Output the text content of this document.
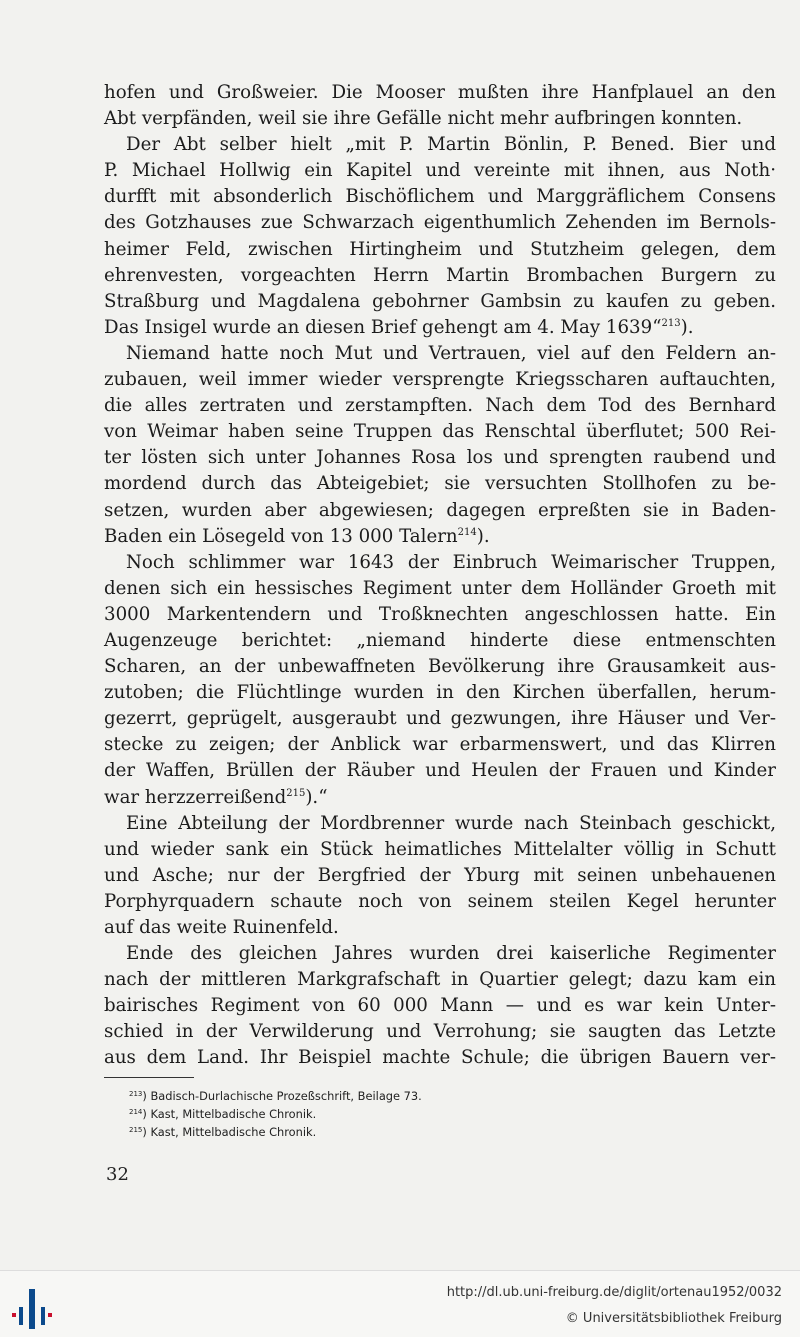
hofen und Großweier. Die Mooser mußten ihre Hanfplauel an den
Abt verpfänden, weil sie ihre Gefälle nicht mehr aufbringen konnten.
Der Abt selber hielt „mit P. Martin Bönlin, P. Bened. Bier und
P. Michael Hollwig ein Kapitel und vereinte mit ihnen, aus Noth·
durfft mit absonderlich Bischöflichem und Marggräflichem Consens
des Gotzhauses zue Schwarzach eigenthumlich Zehenden im Bernols-
heimer Feld, zwischen Hirtingheim und Stutzheim gelegen, dem
ehrenvesten, vorgeachten Herrn Martin Brombachen Burgern zu
Straßburg und Magdalena gebohrner Gambsin zu kaufen zu geben.
Das Insigel wurde an diesen Brief gehengt am 4. May 1639“$^{213}$).
Niemand hatte noch Mut und Vertrauen, viel auf den Feldern an-
zubauen, weil immer wieder versprengte Kriegsscharen auftauchten,
die alles zertraten und zerstampften. Nach dem Tod des Bernhard
von Weimar haben seine Truppen das Renschtal überflutet; 500 Rei-
ter lösten sich unter Johannes Rosa los und sprengten raubend und
mordend durch das Abteigebiet; sie versuchten Stollhofen zu be-
setzen, wurden aber abgewiesen; dagegen erpreßten sie in Baden-
Baden ein Lösegeld von 13 000 Talern$^{214}$).
Noch schlimmer war 1643 der Einbruch Weimarischer Truppen,
denen sich ein hessisches Regiment unter dem Holländer Groeth mit
3000 Markentendern und Troßknechten angeschlossen hatte. Ein
Augenzeuge berichtet: „niemand hinderte diese entmenschten
Scharen, an der unbewaffneten Bevölkerung ihre Grausamkeit aus-
zutoben; die Flüchtlinge wurden in den Kirchen überfallen, herum-
gezerrt, geprügelt, ausgeraubt und gezwungen, ihre Häuser und Ver-
stecke zu zeigen; der Anblick war erbarmenswert, und das Klirren
der Waffen, Brüllen der Räuber und Heulen der Frauen und Kinder
war herzzerreißend$^{215}$).“
Eine Abteilung der Mordbrenner wurde nach Steinbach geschickt,
und wieder sank ein Stück heimatliches Mittelalter völlig in Schutt
und Asche; nur der Bergfried der Yburg mit seinen unbehauenen
Porphyrquadern schaute noch von seinem steilen Kegel herunter
auf das weite Ruinenfeld.
Ende des gleichen Jahres wurden drei kaiserliche Regimenter
nach der mittleren Markgrafschaft in Quartier gelegt; dazu kam ein
bairisches Regiment von 60 000 Mann — und es war kein Unter-
schied in der Verwilderung und Verrohung; sie saugten das Letzte
aus dem Land. Ihr Beispiel machte Schule; die übrigen Bauern ver-
$^{213}$) Badisch-Durlachische Prozeßschrift, Beilage 73.
$^{214}$) Kast, Mittelbadische Chronik.
$^{215}$) Kast, Mittelbadische Chronik.
32
http://dl.ub.uni-freiburg.de/diglit/ortenau1952/0032
© Universitätsbibliothek Freiburg
